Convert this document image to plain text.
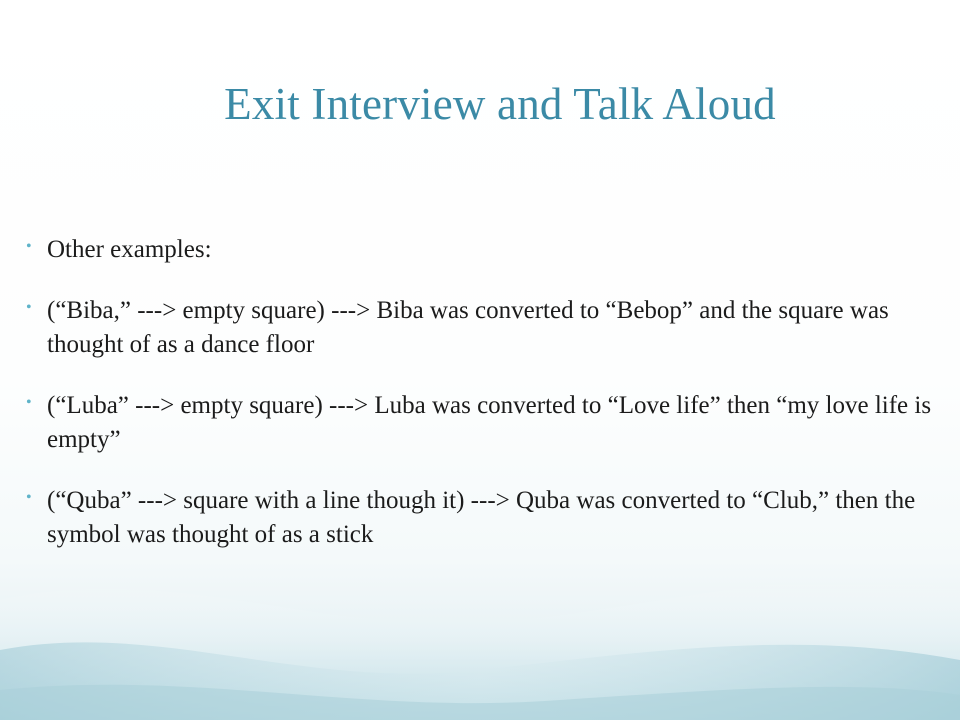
Exit Interview and Talk Aloud
• Other examples:
• (“Biba,” ---> empty square) ---> Biba was converted to “Bebop” and the square was thought of as a dance floor
• (“Luba” ---> empty square) ---> Luba was converted to “Love life” then “my love life is empty”
• (“Quba” ---> square with a line though it) ---> Quba was converted to “Club,” then the symbol was thought of as a stick
